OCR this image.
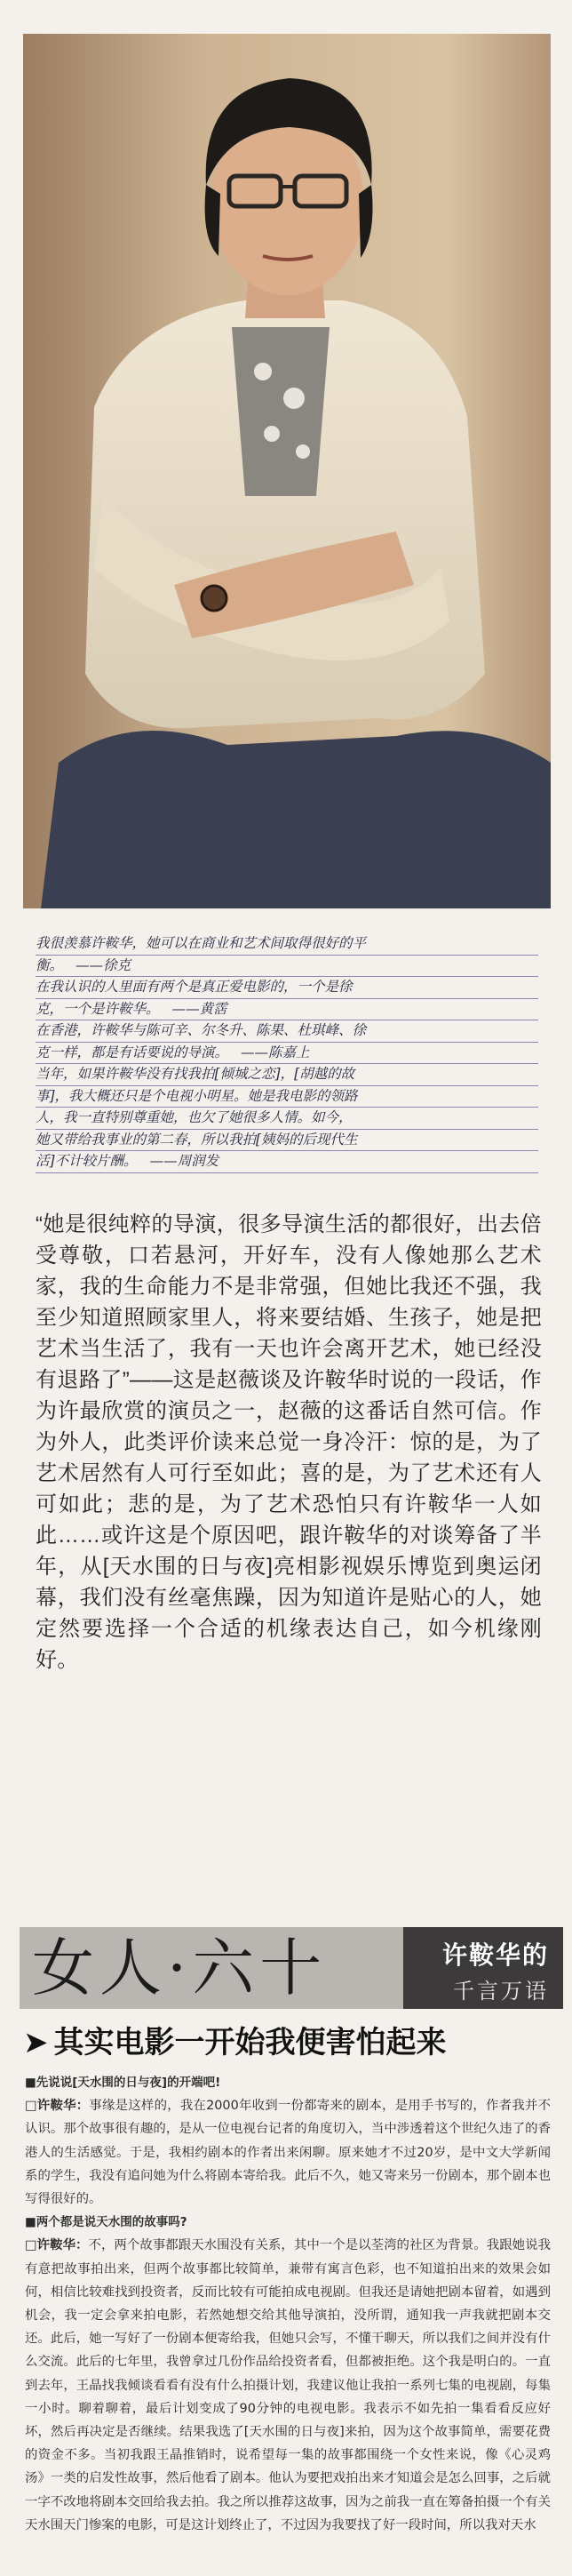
我很羡慕许鞍华，她可以在商业和艺术间取得很好的平
衡。 ——徐克
在我认识的人里面有两个是真正爱电影的，一个是徐
克，一个是许鞍华。 ——黄霑
在香港，许鞍华与陈可辛、尔冬升、陈果、杜琪峰、徐
克一样，都是有话要说的导演。 ——陈嘉上
当年，如果许鞍华没有找我拍[倾城之恋]，[胡越的故
事]，我大概还只是个电视小明星。她是我电影的领路
人，我一直特别尊重她，也欠了她很多人情。如今，
她又带给我事业的第二春，所以我拍[姨妈的后现代生
活]不计较片酬。 ——周润发
“她是很纯粹的导演，很多导演生活的都很好，出去倍受尊敬，口若悬河，开好车，没有人像她那么艺术家，我的生命能力不是非常强，但她比我还不强，我至少知道照顾家里人，将来要结婚、生孩子，她是把艺术当生活了，我有一天也许会离开艺术，她已经没有退路了”——这是赵薇谈及许鞍华时说的一段话，作为许最欣赏的演员之一，赵薇的这番话自然可信。作为外人，此类评价读来总觉一身冷汗：惊的是，为了艺术居然有人可行至如此；喜的是，为了艺术还有人可如此；悲的是，为了艺术恐怕只有许鞍华一人如此……或许这是个原因吧，跟许鞍华的对谈筹备了半年，从[天水围的日与夜]亮相影视娱乐博览到奥运闭幕，我们没有丝毫焦躁，因为知道许是贴心的人，她定然要选择一个合适的机缘表达自己，如今机缘刚好。
女人·六十	许鞍华的
千言万语
➤ 其实电影一开始我便害怕起来

■先说说[天水围的日与夜]的开端吧!

□许鞍华：事缘是这样的，我在2000年收到一份都寄来的剧本，是用手书写的，作者我并不认识。那个故事很有趣的，是从一位电视台记者的角度切入，当中涉透着这个世纪久违了的香港人的生活感觉。于是，我相约剧本的作者出来闲聊。原来她才不过20岁，是中文大学新闻系的学生，我没有追问她为什么将剧本寄给我。此后不久，她又寄来另一份剧本，那个剧本也写得很好的。

■两个都是说天水围的故事吗?

□许鞍华：不，两个故事都跟天水围没有关系，其中一个是以荃湾的社区为背景。我跟她说我有意把故事拍出来，但两个故事都比较简单，兼带有寓言色彩，也不知道拍出来的效果会如何，相信比较难找到投资者，反而比较有可能拍成电视剧。但我还是请她把剧本留着，如遇到机会，我一定会拿来拍电影，若然她想交给其他导演拍，没所谓，通知我一声我就把剧本交还。此后，她一写好了一份剧本便寄给我，但她只会写，不懂干聊天，所以我们之间并没有什么交流。此后的七年里，我曾拿过几份作品给投资者看，但都被拒绝。这个我是明白的。一直到去年，王晶找我倾谈看看有没有什么拍摄计划，我建议他让我拍一系列七集的电视剧，每集一小时。聊着聊着，最后计划变成了90分钟的电视电影。我表示不如先拍一集看看反应好坏，然后再决定是否继续。结果我选了[天水围的日与夜]来拍，因为这个故事简单，需要花费的资金不多。当初我跟王晶推销时，说希望每一集的故事都围绕一个女性来说，像《心灵鸡汤》一类的启发性故事，然后他看了剧本。他认为要把戏拍出来才知道会是怎么回事，之后就一字不改地将剧本交回给我去拍。我之所以推荐这故事，因为之前我一直在筹备拍摄一个有关天水围天门惨案的电影，可是这计划终止了，不过因为我要找了好一段时间，所以我对天水
